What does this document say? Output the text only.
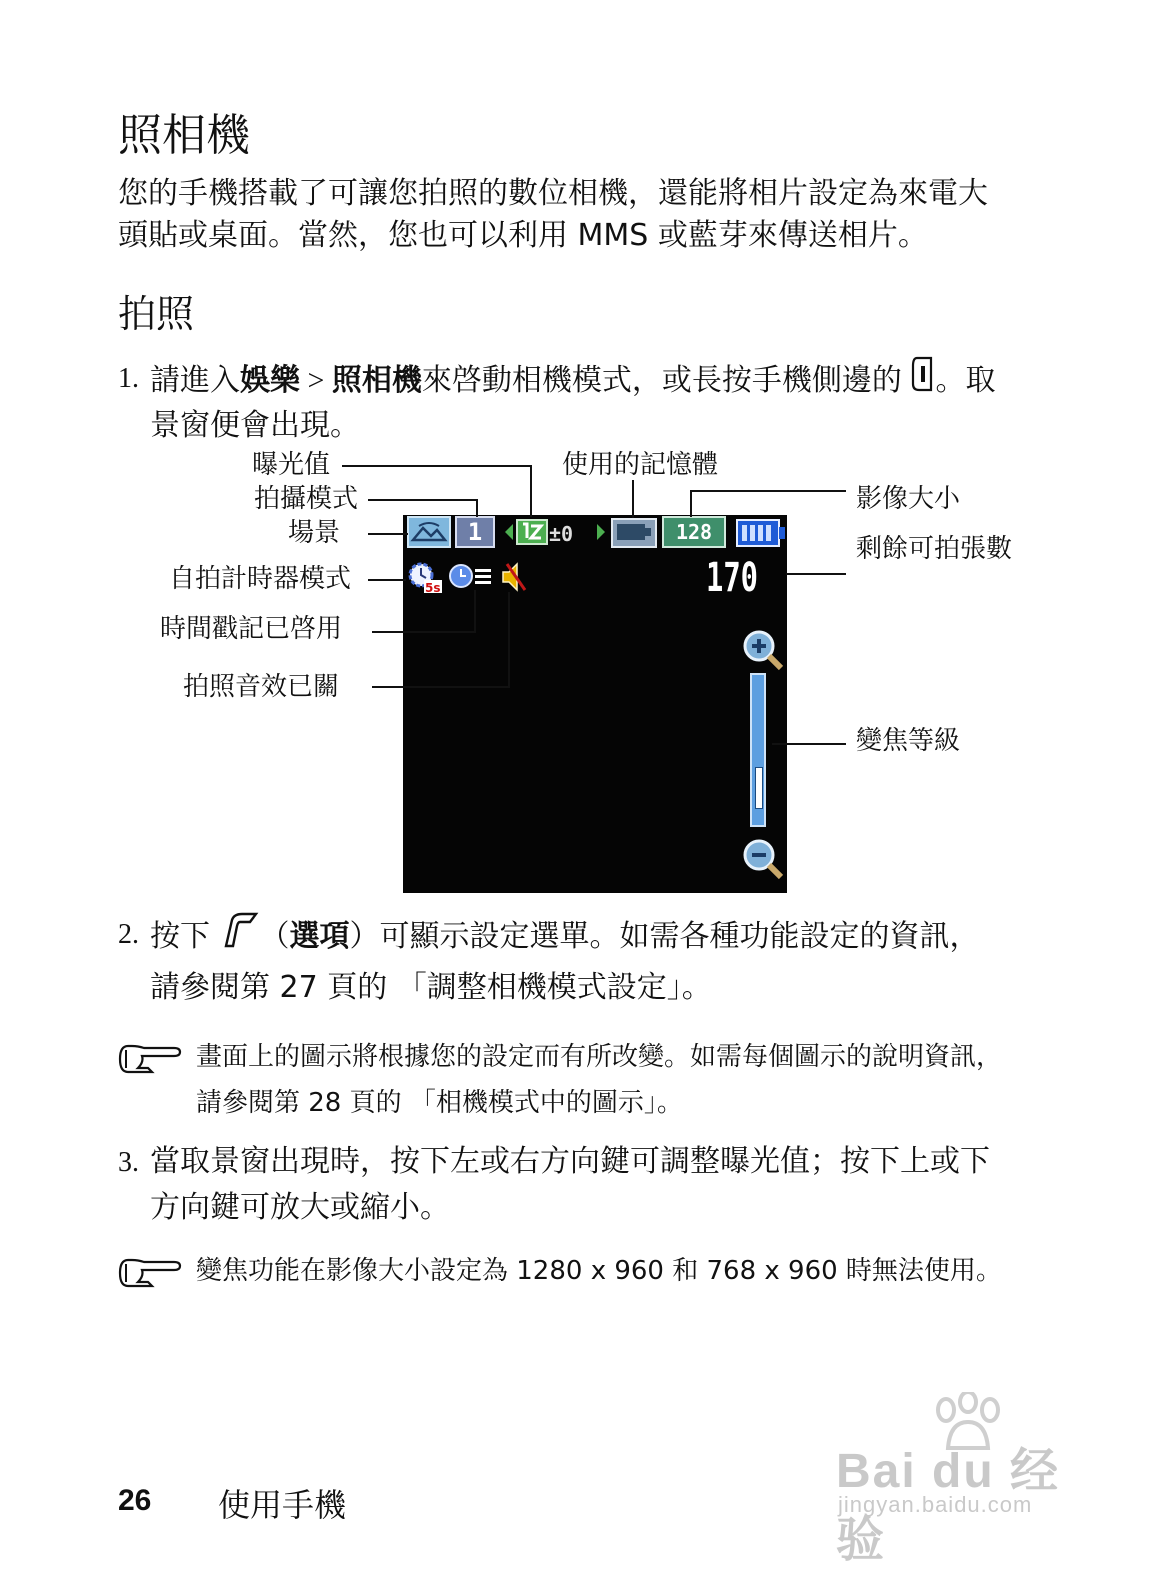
照相機
您的手機搭載了可讓您拍照的數位相機，還能將相片設定為來電大
頭貼或桌面。當然，您也可以利用 MMS 或藍芽來傳送相片。
拍照
1. 請進入娛樂 > 照相機來啓動相機模式，或長按手機側邊的 。取
景窗便會出現。
1	±0	128
5s	170
曝光值
拍攝模式
場景
自拍計時器模式
時間戳記已啓用
拍照音效已關
使用的記憶體
影像大小
剩餘可拍張數
變焦等級
2. 按下 （選項）可顯示設定選單。如需各種功能設定的資訊，
請參閱第 27 頁的 「調整相機模式設定」。
畫面上的圖示將根據您的設定而有所改變。如需每個圖示的說明資訊，
請參閱第 28 頁的 「相機模式中的圖示」。
3. 當取景窗出現時，按下左或右方向鍵可調整曝光值；按下上或下
方向鍵可放大或縮小。
變焦功能在影像大小設定為 1280 x 960 和 768 x 960 時無法使用。
Bai du 经验
jingyan.baidu.com
26 使用手機
